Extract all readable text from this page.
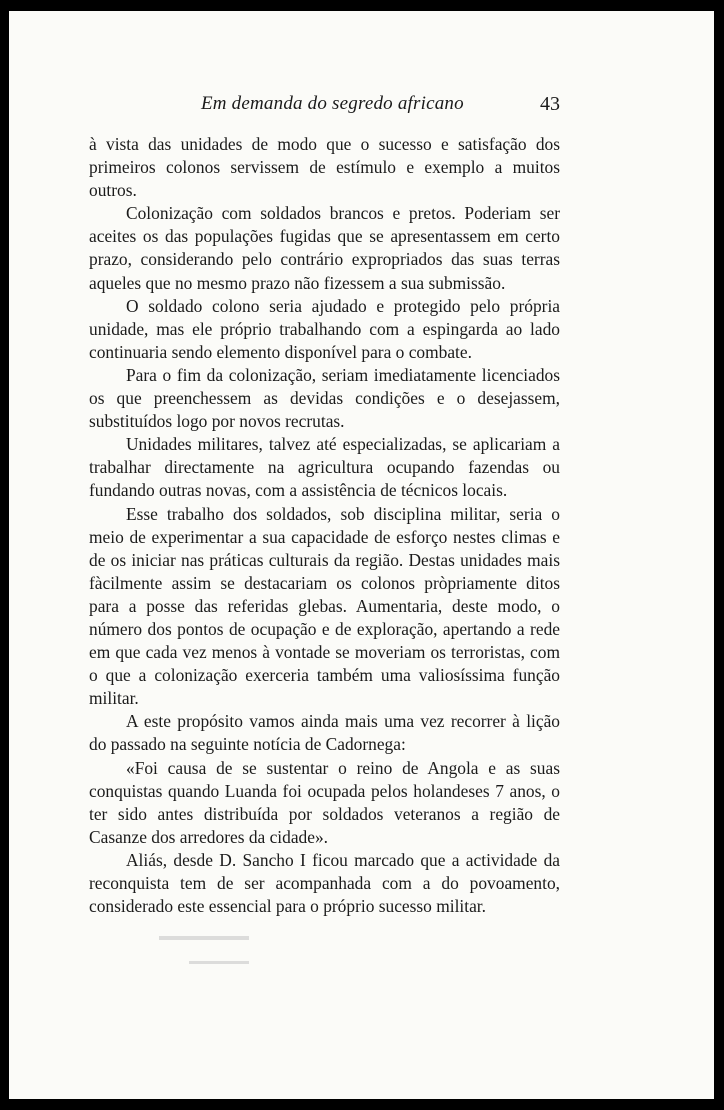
Em demanda do segredo africano	43

à vista das unidades de modo que o sucesso e satisfação dos primeiros colonos servissem de estímulo e exemplo a muitos outros.

Colonização com soldados brancos e pretos. Poderiam ser aceites os das populações fugidas que se apresentassem em certo prazo, considerando pelo contrário expropriados das suas terras aqueles que no mesmo prazo não fizessem a sua submissão.

O soldado colono seria ajudado e protegido pelo própria unidade, mas ele próprio trabalhando com a espingarda ao lado continuaria sendo elemento disponível para o combate.

Para o fim da colonização, seriam imediatamente licenciados os que preenchessem as devidas condições e o desejassem, substituídos logo por novos recrutas.

Unidades militares, talvez até especializadas, se aplicariam a trabalhar directamente na agricultura ocupando fazendas ou fundando outras novas, com a assistência de técnicos locais.

Esse trabalho dos soldados, sob disciplina militar, seria o meio de experimentar a sua capacidade de esforço nestes climas e de os iniciar nas práticas culturais da região. Destas unidades mais fàcilmente assim se destacariam os colonos pròpriamente ditos para a posse das referidas glebas. Aumentaria, deste modo, o número dos pontos de ocupação e de exploração, apertando a rede em que cada vez menos à vontade se moveriam os terroristas, com o que a colonização exerceria também uma valiosíssima função militar.

A este propósito vamos ainda mais uma vez recorrer à lição do passado na seguinte notícia de Cadornega:

«Foi causa de se sustentar o reino de Angola e as suas conquistas quando Luanda foi ocupada pelos holandeses 7 anos, o ter sido antes distribuída por soldados veteranos a região de Casanze dos arredores da cidade».

Aliás, desde D. Sancho I ficou marcado que a actividade da reconquista tem de ser acompanhada com a do povoamento, considerado este essencial para o próprio sucesso militar.
